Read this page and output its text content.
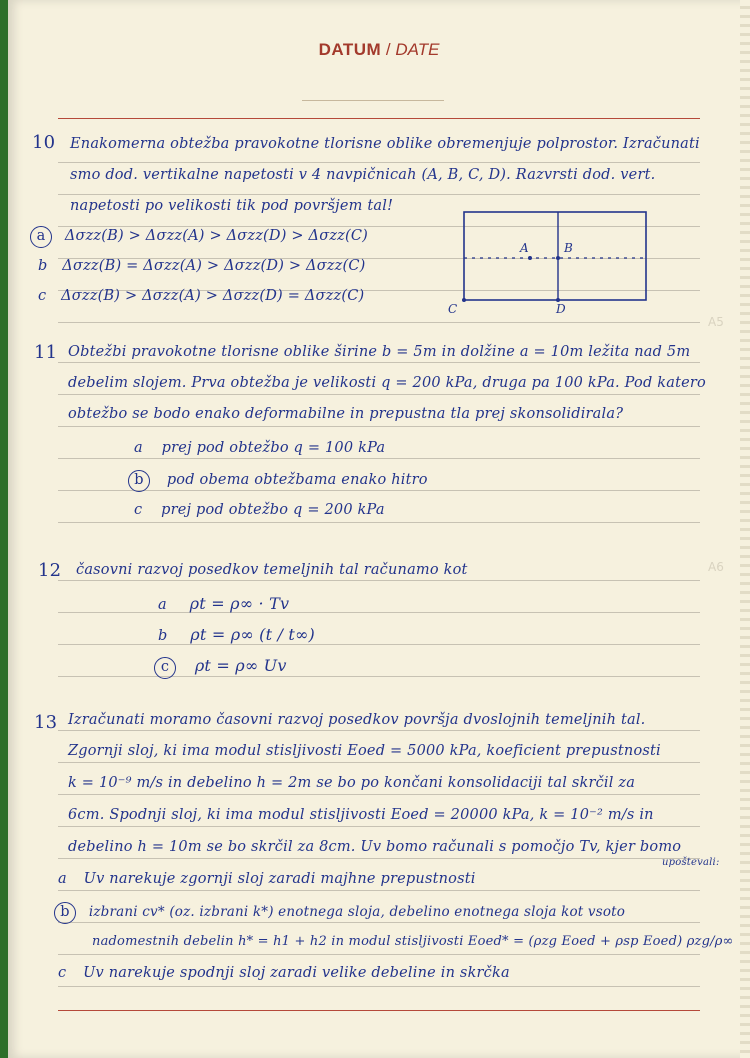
DATUM / DATE
A5
A6
10 Enakomerna obtežba pravokotne tlorisne oblike obremenjuje polprostor. Izračunati
smo dod. vertikalne napetosti v 4 navpičnicah (A, B, C, D). Razvrsti dod. vert.
napetosti po velikosti tik pod površjem tal!
a Δσzz(B) > Δσzz(A) > Δσzz(D) > Δσzz(C)
b Δσzz(B) = Δσzz(A) > Δσzz(D) > Δσzz(C)
c Δσzz(B) > Δσzz(A) > Δσzz(D) = Δσzz(C)
A	B
C	D
11 Obtežbi pravokotne tlorisne oblike širine b = 5m in dolžine a = 10m ležita nad 5m
debelim slojem. Prva obtežba je velikosti q = 200 kPa, druga pa 100 kPa. Pod katero
obtežbo se bodo enako deformabilne in prepustna tla prej skonsolidirala?
a prej pod obtežbo q = 100 kPa
b pod obema obtežbama enako hitro
c prej pod obtežbo q = 200 kPa
12 časovni razvoj posedkov temeljnih tal računamo kot
a ρt = ρ∞ · Tv
b ρt = ρ∞ (t / t∞)
c ρt = ρ∞ Uv
13 Izračunati moramo časovni razvoj posedkov površja dvoslojnih temeljnih tal.
Zgornji sloj, ki ima modul stisljivosti Eoed = 5000 kPa, koeficient prepustnosti
k = 10⁻⁹ m/s in debelino h = 2m se bo po končani konsolidaciji tal skrčil za
6cm. Spodnji sloj, ki ima modul stisljivosti Eoed = 20000 kPa, k = 10⁻² m/s in
debelino h = 10m se bo skrčil za 8cm. Uv bomo računali s pomočjo Tv, kjer bomo
upoštevali:
a Uv narekuje zgornji sloj zaradi majhne prepustnosti
b izbrani cv* (oz. izbrani k*) enotnega sloja, debelino enotnega sloja kot vsoto
nadomestnih debelin h* = h1 + h2 in modul stisljivosti Eoed* = (ρzg Eoed + ρsp Eoed) ρzg/ρ∞
c Uv narekuje spodnji sloj zaradi velike debeline in skrčka
